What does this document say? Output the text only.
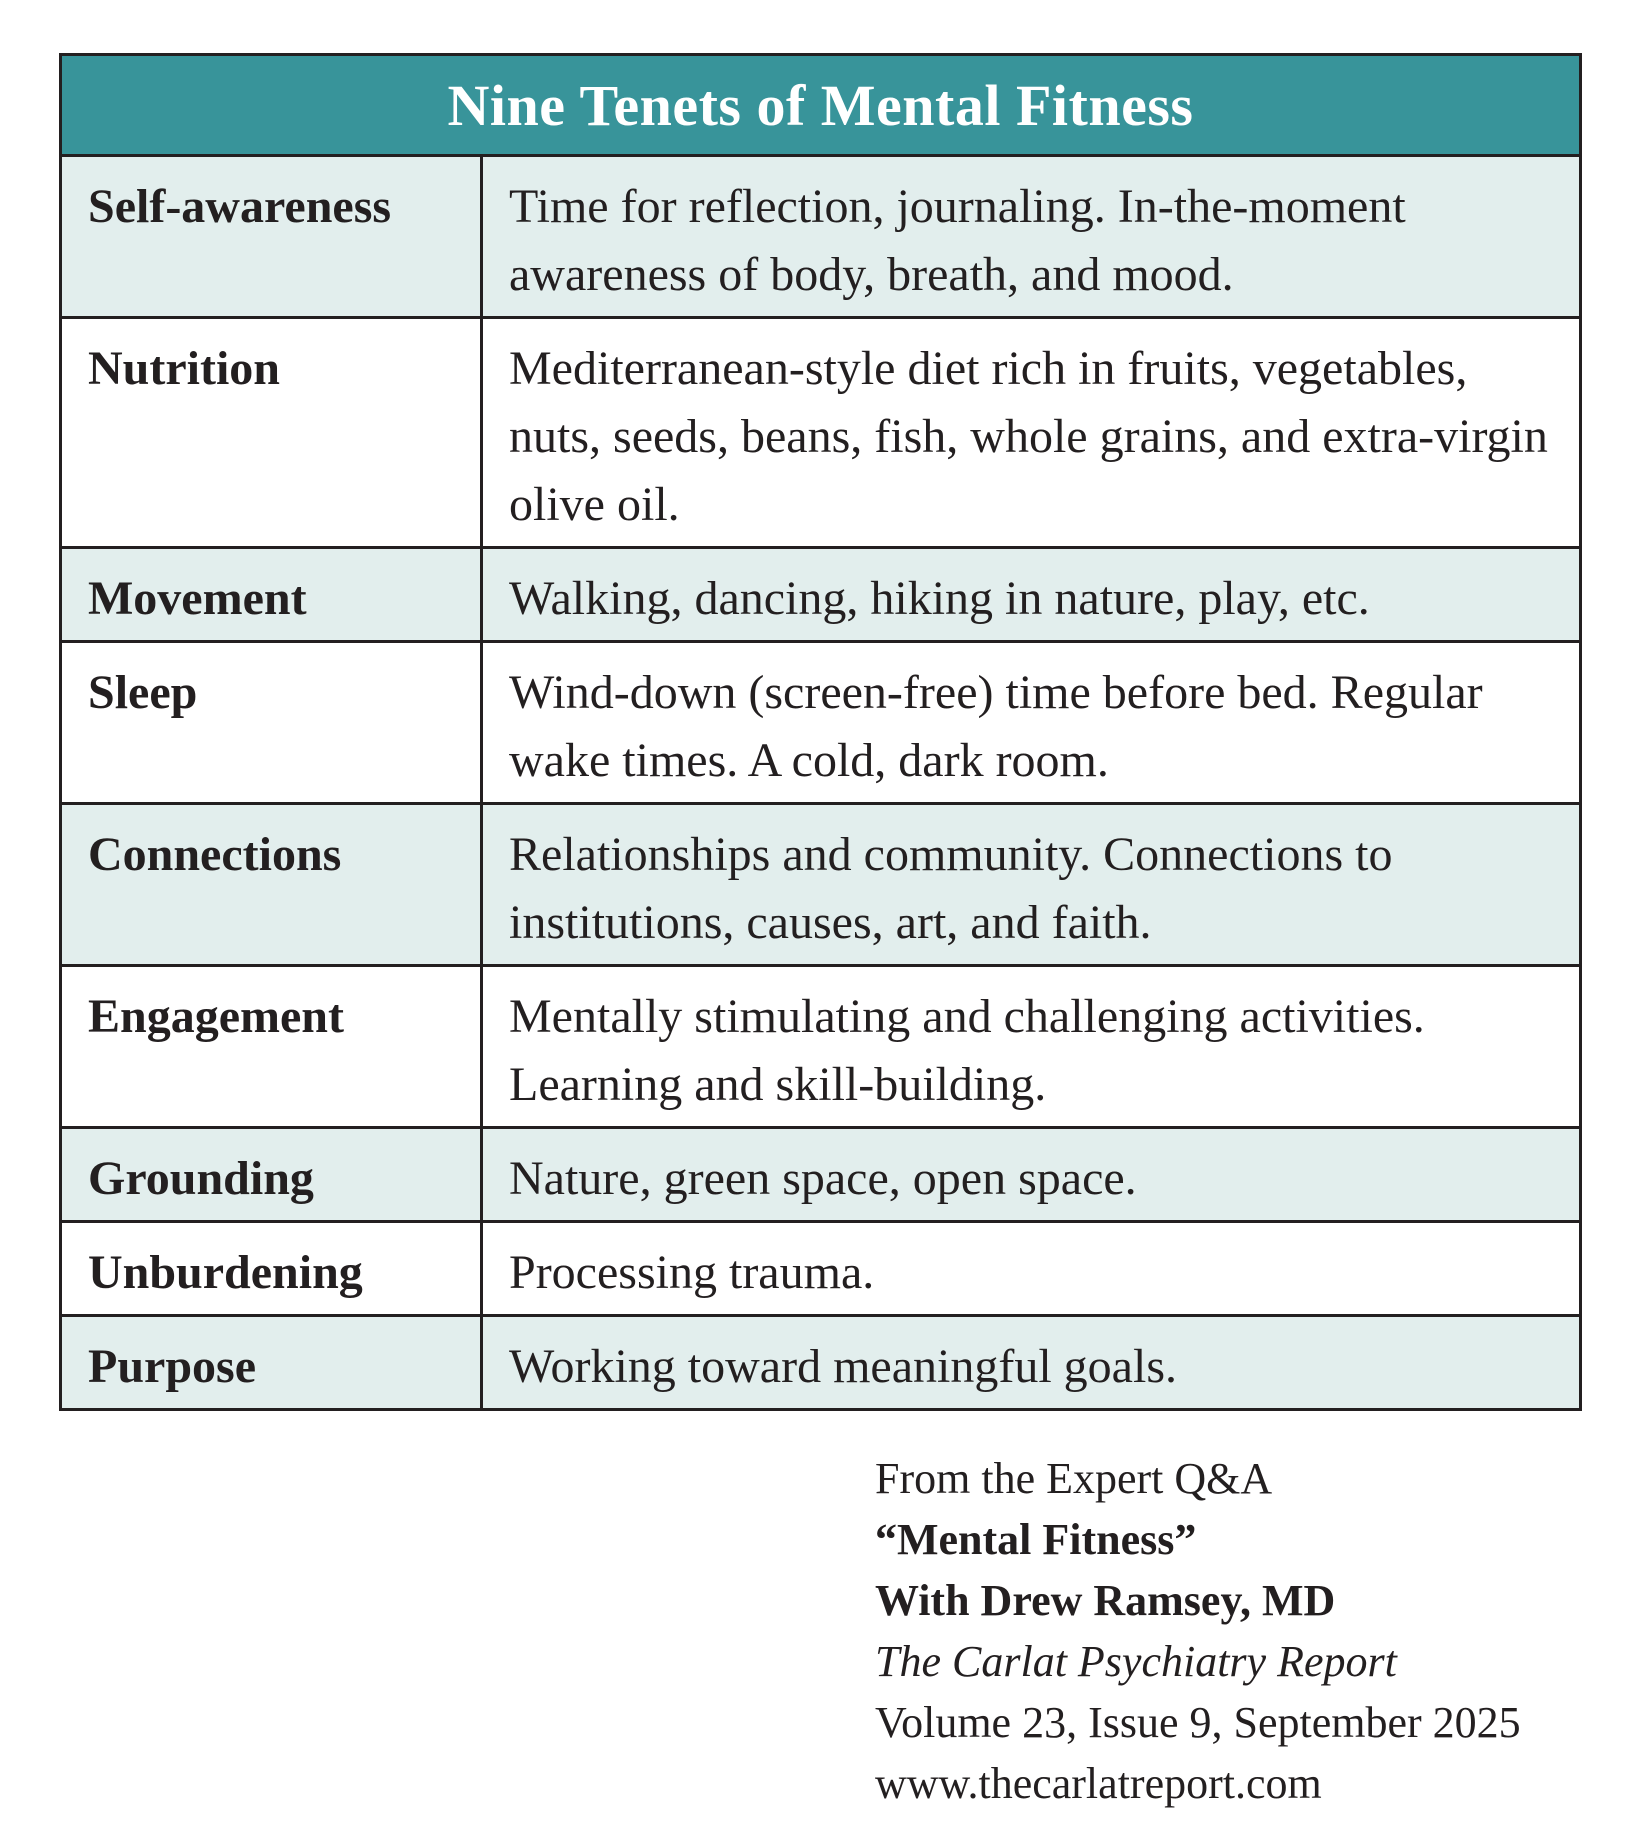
Nine Tenets of Mental Fitness
Self-awareness	Time for reflection, journaling. In-the-moment awareness of body, breath, and mood.
Nutrition	Mediterranean-style diet rich in fruits, vegetables, nuts, seeds, beans, fish, whole grains, and extra-virgin olive oil.
Movement	Walking, dancing, hiking in nature, play, etc.
Sleep	Wind-down (screen-free) time before bed. Regular wake times. A cold, dark room.
Connections	Relationships and community. Connections to institutions, causes, art, and faith.
Engagement	Mentally stimulating and challenging activities. Learning and skill-building.
Grounding	Nature, green space, open space.
Unburdening	Processing trauma.
Purpose	Working toward meaningful goals.
From the Expert Q&A
“Mental Fitness”
With Drew Ramsey, MD
The Carlat Psychiatry Report
Volume 23, Issue 9, September 2025
www.thecarlatreport.com
